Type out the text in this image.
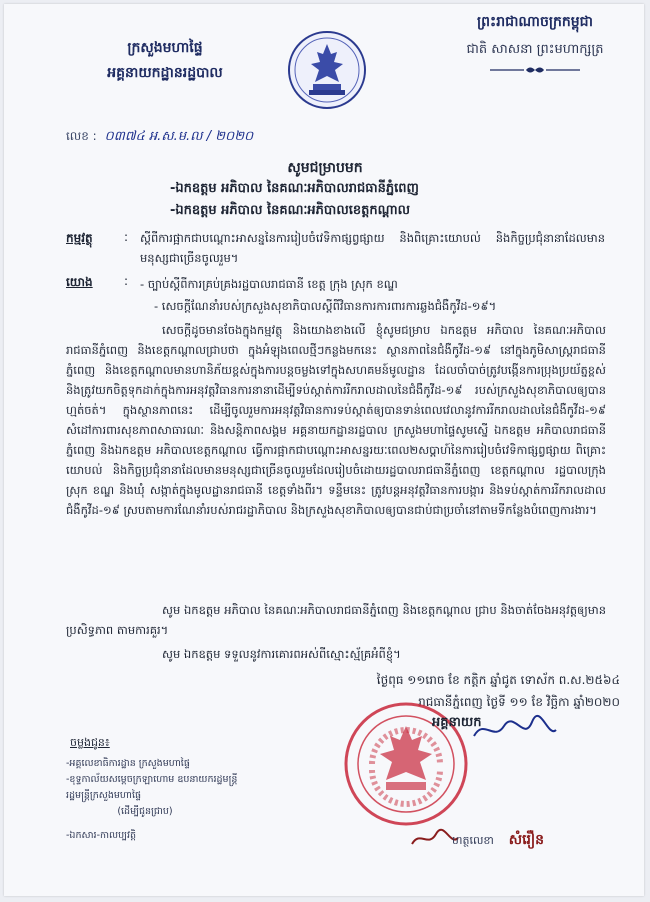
ក្រសួងមហាផ្ទៃ
អគ្គនាយកដ្ឋានរដ្ឋបាល
ព្រះរាជាណាចក្រកម្ពុជា
ជាតិ សាសនា ព្រះមហាក្សត្រ
លេខ : ០៣៧៤ អ.ស.ម.ល / ២០២០
សូមជម្រាបមក
-ឯកឧត្តម អភិបាល នៃគណៈអភិបាលរាជធានីភ្នំពេញ
-ឯកឧត្តម អភិបាល នៃគណៈអភិបាលខេត្តកណ្ដាល
កម្មវត្ថុ	: ស្ដីពីការផ្អាកជាបណ្ដោះអាសន្ននៃការរៀបចំវេទិកាផ្សព្វផ្សាយ និងពិគ្រោះយោបល់ និងកិច្ចប្រជុំនានាដែលមានមនុស្សជាច្រើនចូលរួម។
យោង	: - ច្បាប់ស្ដីពីការគ្រប់គ្រងរដ្ឋបាលរាជធានី ខេត្ត ក្រុង ស្រុក ខណ្ឌ
- សេចក្ដីណែនាំរបស់ក្រសួងសុខាភិបាលស្ដីពីវិធានការការពារការឆ្លងជំងឺកូវីដ-១៩។
សេចក្ដីដូចមានចែងក្នុងកម្មវត្ថុ និងយោងខាងលើ ខ្ញុំសូមជម្រាប ឯកឧត្តម អភិបាល នៃគណៈអភិបាលរាជធានីភ្នំពេញ និងខេត្តកណ្ដាលជ្រាបថា ក្នុងអំឡុងពេលថ្មីៗកន្លងមកនេះ ស្ថានភាពនៃជំងឺកូវីដ-១៩ នៅក្នុងភូមិសាស្ត្ររាជធានីភ្នំពេញ និងខេត្តកណ្ដាលមានហានិភ័យខ្ពស់ក្នុងការបន្តចម្លងទៅក្នុងសហគមន៍មូលដ្ឋាន ដែលចាំបាច់ត្រូវបង្កើនការប្រុងប្រយ័ត្នខ្ពស់ និងត្រូវយកចិត្តទុកដាក់ក្នុងការអនុវត្តវិធានការនានាដើម្បីទប់ស្កាត់ការរីករាលដាលនៃជំងឺកូវីដ-១៩ របស់ក្រសួងសុខាភិបាលឲ្យបានហ្មត់ចត់។ ក្នុងស្ថានភាពនេះ ដើម្បីចូលរួមការអនុវត្តវិធានការទប់ស្កាត់ឲ្យបានទាន់ពេលវេលានូវការរីករាលដាលនៃជំងឺកូវីដ-១៩ សំដៅការពារសុខភាពសាធារណៈ និងសន្តិភាពសង្គម អគ្គនាយកដ្ឋានរដ្ឋបាល ក្រសួងមហាផ្ទៃសូមស្នើ ឯកឧត្តម អភិបាលរាជធានីភ្នំពេញ និងឯកឧត្តម អភិបាលខេត្តកណ្ដាល ធ្វើការផ្អាកជាបណ្ដោះអាសន្នរយៈពេល២សប្ដាហ៍នៃការរៀបចំវេទិកាផ្សព្វផ្សាយ ពិគ្រោះយោបល់ និងកិច្ចប្រជុំនានាដែលមានមនុស្សជាច្រើនចូលរួមដែលរៀបចំដោយរដ្ឋបាលរាជធានីភ្នំពេញ ខេត្តកណ្ដាល រដ្ឋបាលក្រុង ស្រុក ខណ្ឌ និងឃុំ សង្កាត់ក្នុងមូលដ្ឋានរាជធានី ខេត្តទាំងពីរ។ ទន្ទឹមនេះ ត្រូវបន្តអនុវត្តវិធានការបង្ការ និងទប់ស្កាត់ការរីករាលដាលជំងឺកូវីដ-១៩ ស្របតាមការណែនាំរបស់រាជរដ្ឋាភិបាល និងក្រសួងសុខាភិបាលឲ្យបានជាប់ជាប្រចាំនៅតាមទីកន្លែងបំពេញការងារ។
សូម ឯកឧត្តម អភិបាល នៃគណៈអភិបាលរាជធានីភ្នំពេញ និងខេត្តកណ្ដាល ជ្រាប និងចាត់ចែងអនុវត្តឲ្យមានប្រសិទ្ធភាព តាមការគួរ។
សូម ឯកឧត្តម ទទួលនូវការគោរពអស់ពីស្មោះស្ម័គ្រអំពីខ្ញុំ។
ថ្ងៃពុធ ១១រោច ខែ កត្តិក ឆ្នាំជូត ទោស័ក ព.ស.២៥៦៤
រាជធានីភ្នំពេញ ថ្ងៃទី ១១ ខែ វិច្ឆិកា ឆ្នាំ២០២០
អគ្គនាយក
ចម្លងជូន៖
-អគ្គលេខាធិការដ្ឋាន ក្រសួងមហាផ្ទៃ
-ខុទ្ទកាល័យសម្ដេចក្រឡាហោម ឧបនាយករដ្ឋមន្ត្រី
រដ្ឋមន្ត្រីក្រសួងមហាផ្ទៃ
(ដើម្បីជូនជ្រាប)
-ឯកសារ-កាលប្បវត្តិ	ហត្ថលេខា សំរឿន
